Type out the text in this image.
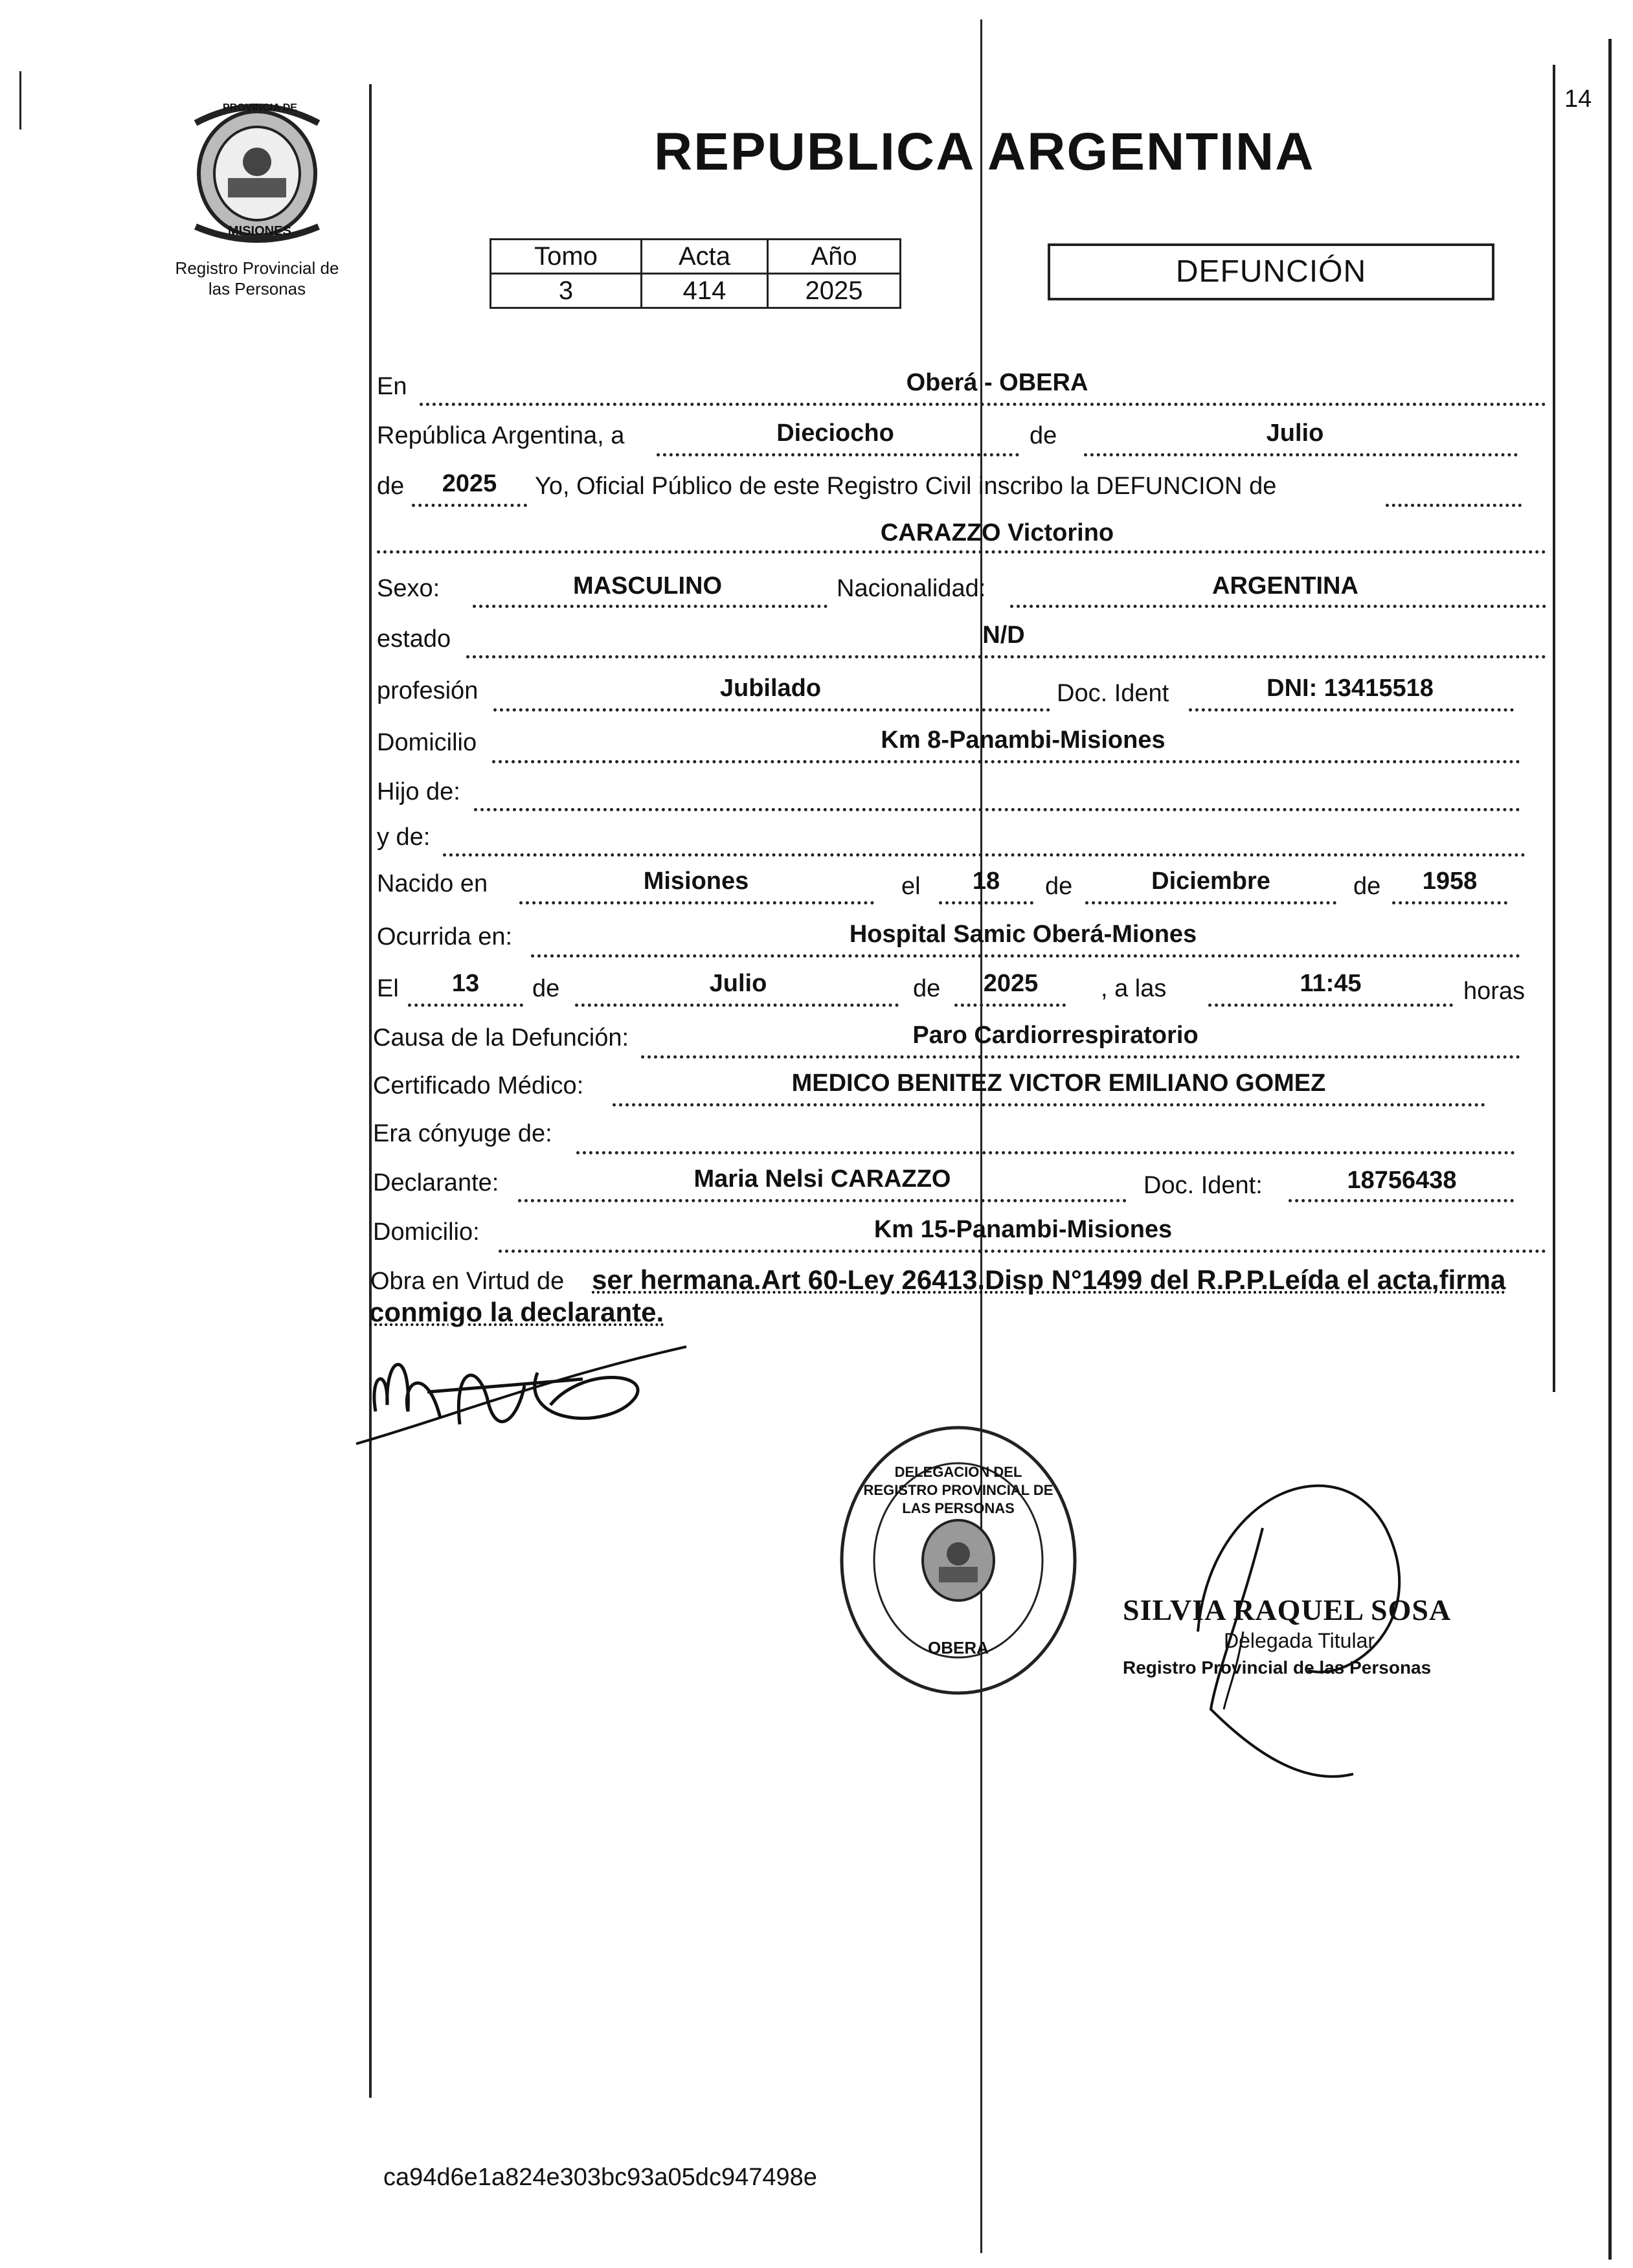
PROVINCIA DE
MISIONES
Registro Provincial de
las Personas
14
REPUBLICA ARGENTINA
Tomo	Acta	Año
3	414	2025
DEFUNCIÓN
En	Oberá - OBERA
República Argentina, a	Dieciocho	de	Julio
de	2025	Yo, Oficial Público de este Registro Civil inscribo la DEFUNCION de
CARAZZO Victorino
Sexo:	MASCULINO	Nacionalidad:	ARGENTINA
estado	N/D
profesión	Jubilado	Doc. Ident	DNI: 13415518
Domicilio	Km 8-Panambi-Misiones
Hijo de:
y de:
Nacido en	Misiones	el	18	de	Diciembre	de	1958
Ocurrida en:	Hospital Samic Oberá-Miones
El	13	de	Julio	de	2025	, a las	11:45	horas
Causa de la Defunción:	Paro Cardiorrespiratorio
Certificado Médico:	MEDICO BENITEZ VICTOR EMILIANO GOMEZ
Era cónyuge de:
Declarante:	Maria Nelsi CARAZZO	Doc. Ident:	18756438
Domicilio:	Km 15-Panambi-Misiones
Obra en Virtud de ser hermana.Art 60-Ley 26413.Disp N°1499 del R.P.P.Leída el acta,firma
conmigo la declarante.
DELEGACION DEL REGISTRO PROVINCIAL DE LAS PERSONAS
OBERA
SILVIA RAQUEL SOSA
Delegada Titular
Registro Provincial de las Personas
ca94d6e1a824e303bc93a05dc947498e
